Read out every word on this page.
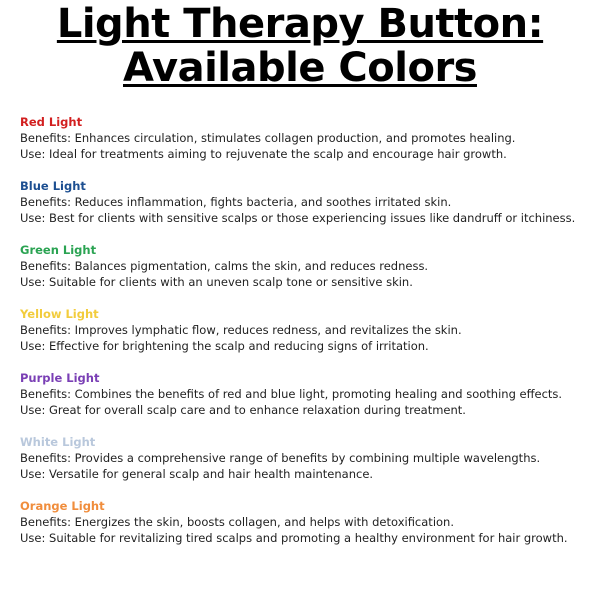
Light Therapy Button:
Available Colors
Red Light
Benefits: Enhances circulation, stimulates collagen production, and promotes healing.
Use: Ideal for treatments aiming to rejuvenate the scalp and encourage hair growth.
Blue Light
Benefits: Reduces inflammation, fights bacteria, and soothes irritated skin.
Use: Best for clients with sensitive scalps or those experiencing issues like dandruff or itchiness.
Green Light
Benefits: Balances pigmentation, calms the skin, and reduces redness.
Use: Suitable for clients with an uneven scalp tone or sensitive skin.
Yellow Light
Benefits: Improves lymphatic flow, reduces redness, and revitalizes the skin.
Use: Effective for brightening the scalp and reducing signs of irritation.
Purple Light
Benefits: Combines the benefits of red and blue light, promoting healing and soothing effects.
Use: Great for overall scalp care and to enhance relaxation during treatment.
White Light
Benefits: Provides a comprehensive range of benefits by combining multiple wavelengths.
Use: Versatile for general scalp and hair health maintenance.
Orange Light
Benefits: Energizes the skin, boosts collagen, and helps with detoxification.
Use: Suitable for revitalizing tired scalps and promoting a healthy environment for hair growth.
